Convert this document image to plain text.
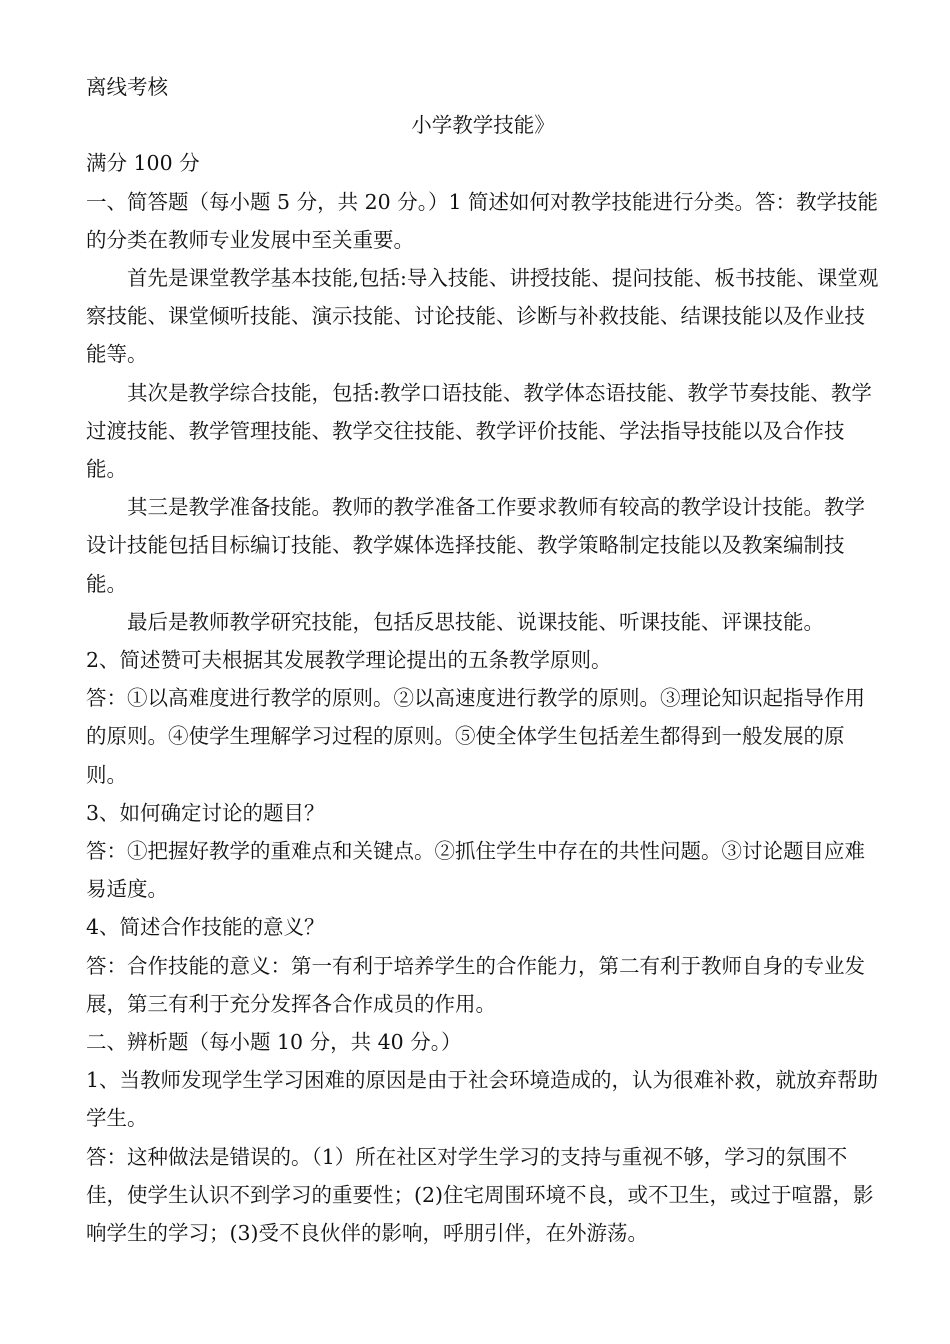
离线考核
小学教学技能》
满分 100 分
一、简答题（每小题 5 分，共 20 分。）1 简述如何对教学技能进行分类。答：教学技能的分类在教师专业发展中至关重要。
首先是课堂教学基本技能,包括:导入技能、讲授技能、提问技能、板书技能、课堂观察技能、课堂倾听技能、演示技能、讨论技能、诊断与补救技能、结课技能以及作业技能等。
其次是教学综合技能，包括:教学口语技能、教学体态语技能、教学节奏技能、教学过渡技能、教学管理技能、教学交往技能、教学评价技能、学法指导技能以及合作技能。
其三是教学准备技能。教师的教学准备工作要求教师有较高的教学设计技能。教学设计技能包括目标编订技能、教学媒体选择技能、教学策略制定技能以及教案编制技能。
最后是教师教学研究技能，包括反思技能、说课技能、听课技能、评课技能。
2、简述赞可夫根据其发展教学理论提出的五条教学原则。
答：①以高难度进行教学的原则。②以高速度进行教学的原则。③理论知识起指导作用的原则。④使学生理解学习过程的原则。⑤使全体学生包括差生都得到一般发展的原则。
3、如何确定讨论的题目？
答：①把握好教学的重难点和关键点。②抓住学生中存在的共性问题。③讨论题目应难易适度。
4、简述合作技能的意义？
答：合作技能的意义：第一有利于培养学生的合作能力，第二有利于教师自身的专业发展，第三有利于充分发挥各合作成员的作用。
二、辨析题（每小题 10 分，共 40 分。）
1、当教师发现学生学习困难的原因是由于社会环境造成的，认为很难补救，就放弃帮助学生。
答：这种做法是错误的。（1）所在社区对学生学习的支持与重视不够，学习的氛围不佳，使学生认识不到学习的重要性；(2)住宅周围环境不良，或不卫生，或过于喧嚣，影响学生的学习；(3)受不良伙伴的影响，呼朋引伴，在外游荡。
